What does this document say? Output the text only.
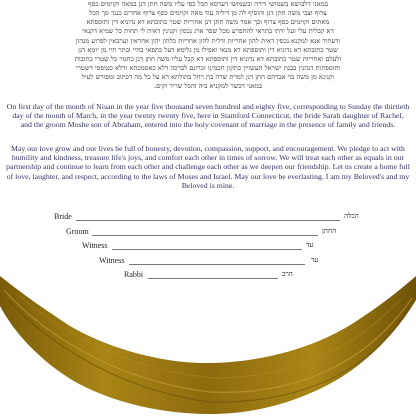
במאני דלבושא בשמושי דירה ובשמושי דערסא הכל כפי עליו משה חתן דנן במאה וקוימים כסף
צרוף וצבי משה חתן דנן והוסיף לה מן דיליה עוד מאה וקוימים כסף צרוף אחרים כנגד סך הכל
מאתים וקוימים כסף צרוף וכך אמר משה חתן דנן אחריות שטר כתובתא דא נדוניא דין ותוספתא
דא קבלית עלי ועל ירתי בתראי להתפרע מכל שפר ארג נכסין וקנינין דאית לי תחות כל שמיא דקנאי
ודעתיד אנא למקנא נכסין דאית להון אחריות ודלית להון אחריות כלהון יהון אחראין וערבאין לפרוע מנהון
שטר כתובתא דא נדוניא דין ותוספתא דא מנאי ואפילו מן גלימא דעל כתפאי בחיי ובתר חיי מן יומא דנן
ולעלם ואחריות שטר כתובתא דא נדוניא דין ותוספתא דא קבל עליו משה חתן דנן כחמר כל שטרי כתובות
ותוספתות דנהגין בבנת ישראל העשויין כתקון חכמינו זכרונם לברכה דלא כאסמכתא ודלא כטופסי דשטרי
וקנינא מן משה בר אברהם חתן דנן למרת שרה בת רחל בתולתא דא על כל מה דכתוב ומפורש לעיל
במאני דכשר למקניא ביה והכל שריר וקים.

On first day of the month of Nisan in the year five thousand seven hundred and eighty five, corresponding to Sunday the thirtieth day of the month of March, in the year twenty twenty five, here in Stamford Connecticut, the bride Sarah daughter of Rachel, and the groom Moshe son of Abraham, entered into the holy covenant of marriage in the presence of family and friends.

May our love grow and our lives be full of honesty, devotion, compassion, support, and encouragement. We pledge to act with humility and kindness, treasure life's joys, and comfort each other in times of sorrow. We will treat each other as equals in our partnership and continue to learn from each other and challenge each other as we deepen our friendship. Let us create a home full of love, laughter, and respect, according to the laws of Moses and Israel. May our love be everlasting. I am my Beloved's and my Beloved is mine.

Bride	הכלה
Groom	החתן
Witness	עד
Witness	עד
Rabbi	הרב
